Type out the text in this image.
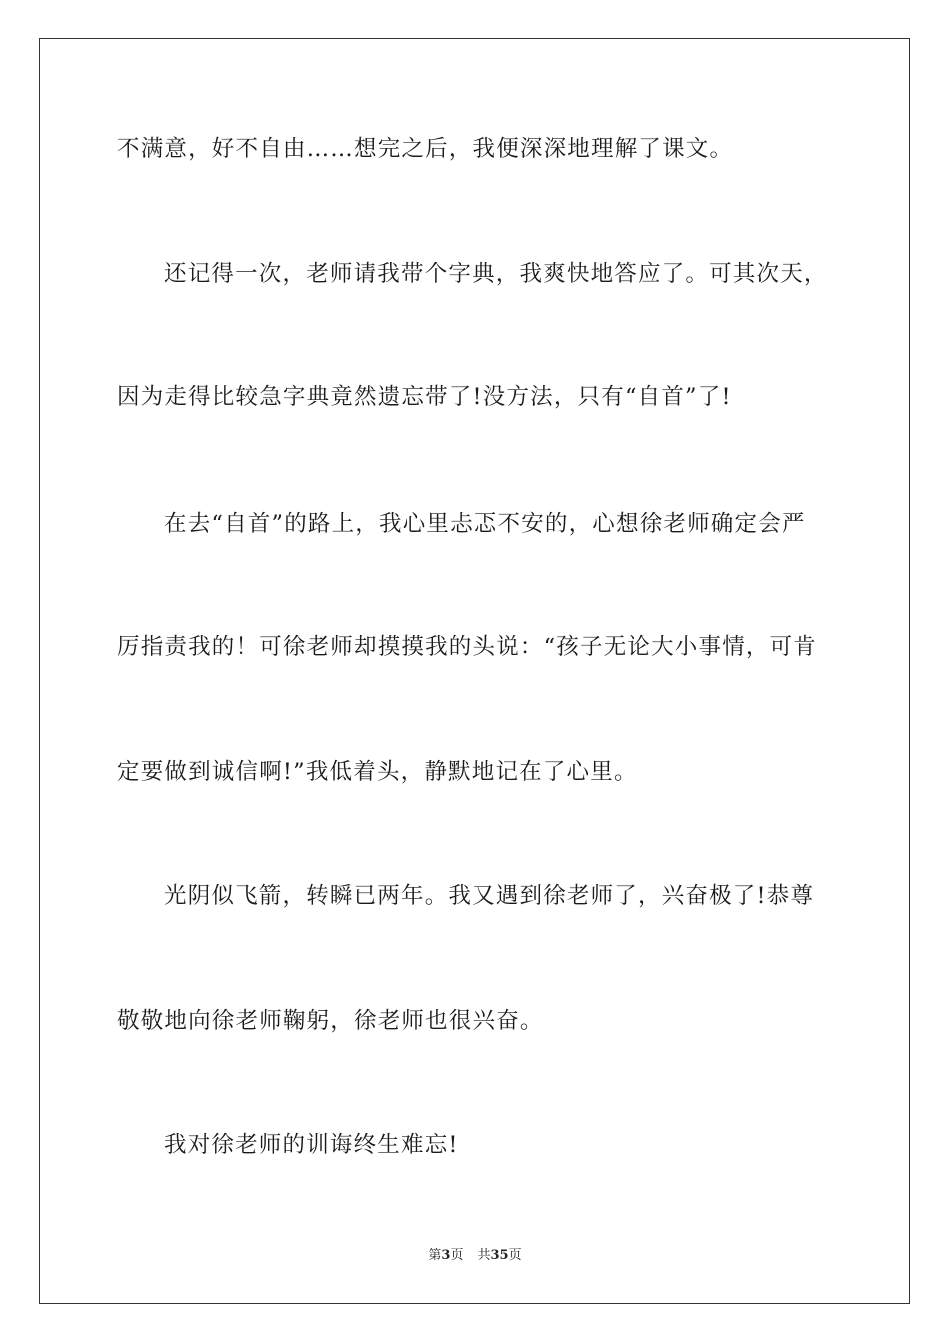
不满意，好不自由……想完之后，我便深深地理解了课文。
还记得一次，老师请我带个字典，我爽快地答应了。可其次天，
因为走得比较急字典竟然遗忘带了!没方法，只有“自首”了!
在去“自首”的路上，我心里忐忑不安的，心想徐老师确定会严
厉指责我的！可徐老师却摸摸我的头说：“孩子无论大小事情，可肯
定要做到诚信啊!”我低着头，静默地记在了心里。
光阴似飞箭，转瞬已两年。我又遇到徐老师了，兴奋极了!恭尊
敬敬地向徐老师鞠躬，徐老师也很兴奋。
我对徐老师的训诲终生难忘!
第3页 共35页
